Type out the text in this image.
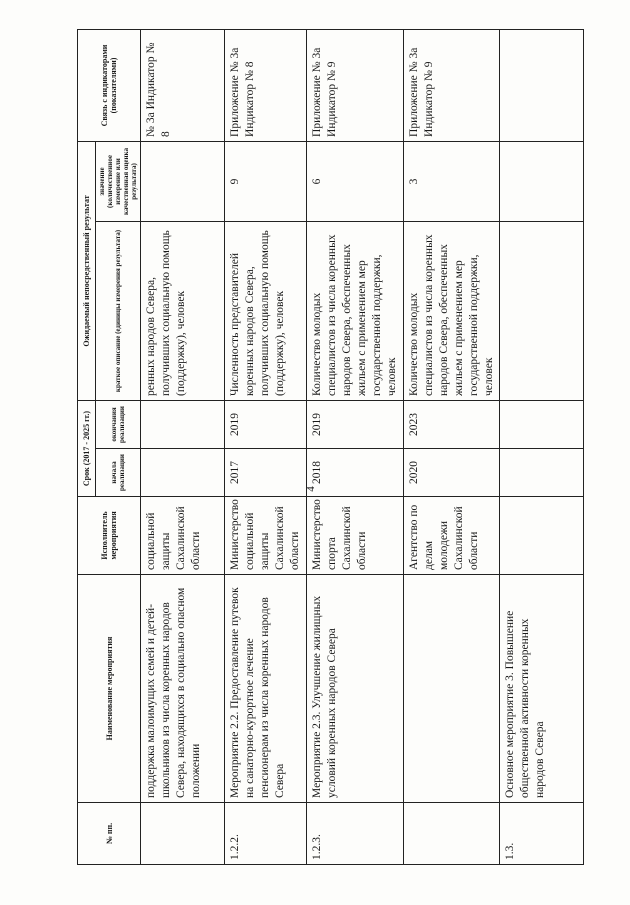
4
№ пп.	Наименование мероприятия	Исполнитель мероприятия	Срок (2017 - 2025 гг.)		Ожидаемый непосредственный результат		Связь с индикаторами (показателями)
			начала реализации	окончания реализации	краткое описание (единицы измерения результата)	значение (количественное измерение или качественная оценка результата)	
	поддержка малоимущих семей и детей-школьников из числа коренных народов Севера, находящихся в социально опасном положении	социальной защиты Сахалинской области			ренных народов Севера, получивших социальную помощь (поддержку), человек		№ 3а Индикатор № 8
1.2.2.	Мероприятие 2.2. Предоставление путевок на санаторно-курортное лечение пенсионерам из числа коренных народов Севера	Министерство социальной защиты Сахалинской области	2017	2019	Численность представителей коренных народов Севера, получивших социальную помощь (поддержку), человек	9	Приложение № 3а Индикатор № 8
1.2.3.	Мероприятие 2.3. Улучшение жилищных условий коренных народов Севера	Министерство спорта Сахалинской области	2018	2019	Количество молодых специалистов из числа коренных народов Севера, обеспеченных жильем с применением мер государственной поддержки, человек	6	Приложение № 3а Индикатор № 9
		Агентство по делам молодежи Сахалинской области	2020	2023	Количество молодых специалистов из числа коренных народов Севера, обеспеченных жильем с применением мер государственной поддержки, человек	3	Приложение № 3а Индикатор № 9
1.3.	Основное мероприятие 3. Повышение общественной активности коренных народов Севера						
